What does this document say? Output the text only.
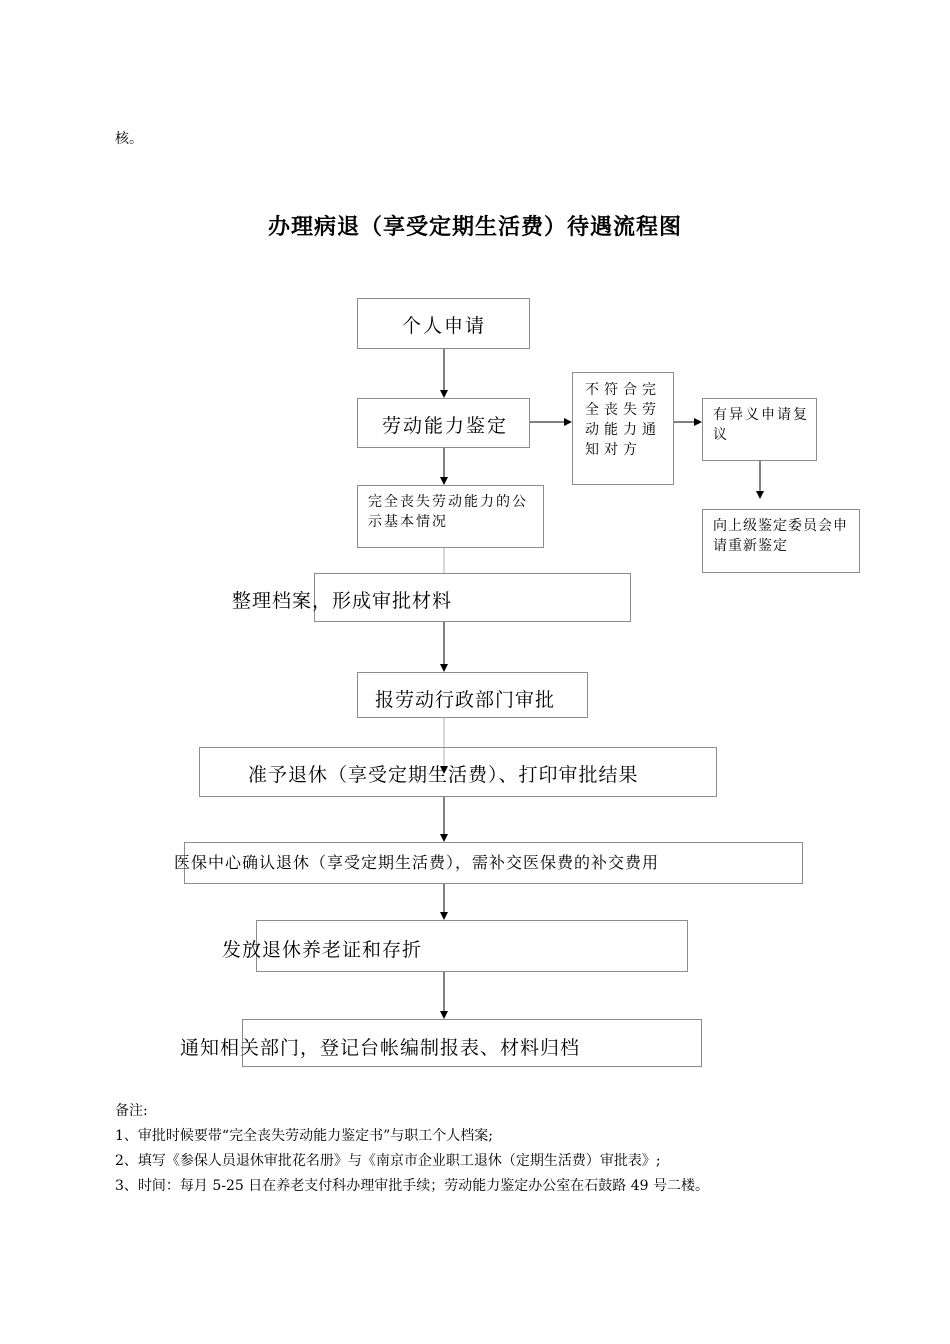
核。
办理病退（享受定期生活费）待遇流程图
个人申请
劳动能力鉴定
完全丧失劳动能力的公示基本情况
整理档案，形成审批材料
报劳动行政部门审批
准予退休（享受定期生活费）、打印审批结果
医保中心确认退休（享受定期生活费），需补交医保费的补交费用
发放退休养老证和存折
通知相关部门，登记台帐编制报表、材料归档
不符合完全丧失劳动能力通知对方
有异义申请复议
向上级鉴定委员会申请重新鉴定
备注:
1、审批时候要带“完全丧失劳动能力鉴定书”与职工个人档案;
2、填写《参保人员退休审批花名册》与《南京市企业职工退休（定期生活费）审批表》;
3、时间：每月 5-25 日在养老支付科办理审批手续；劳动能力鉴定办公室在石鼓路 49 号二楼。
